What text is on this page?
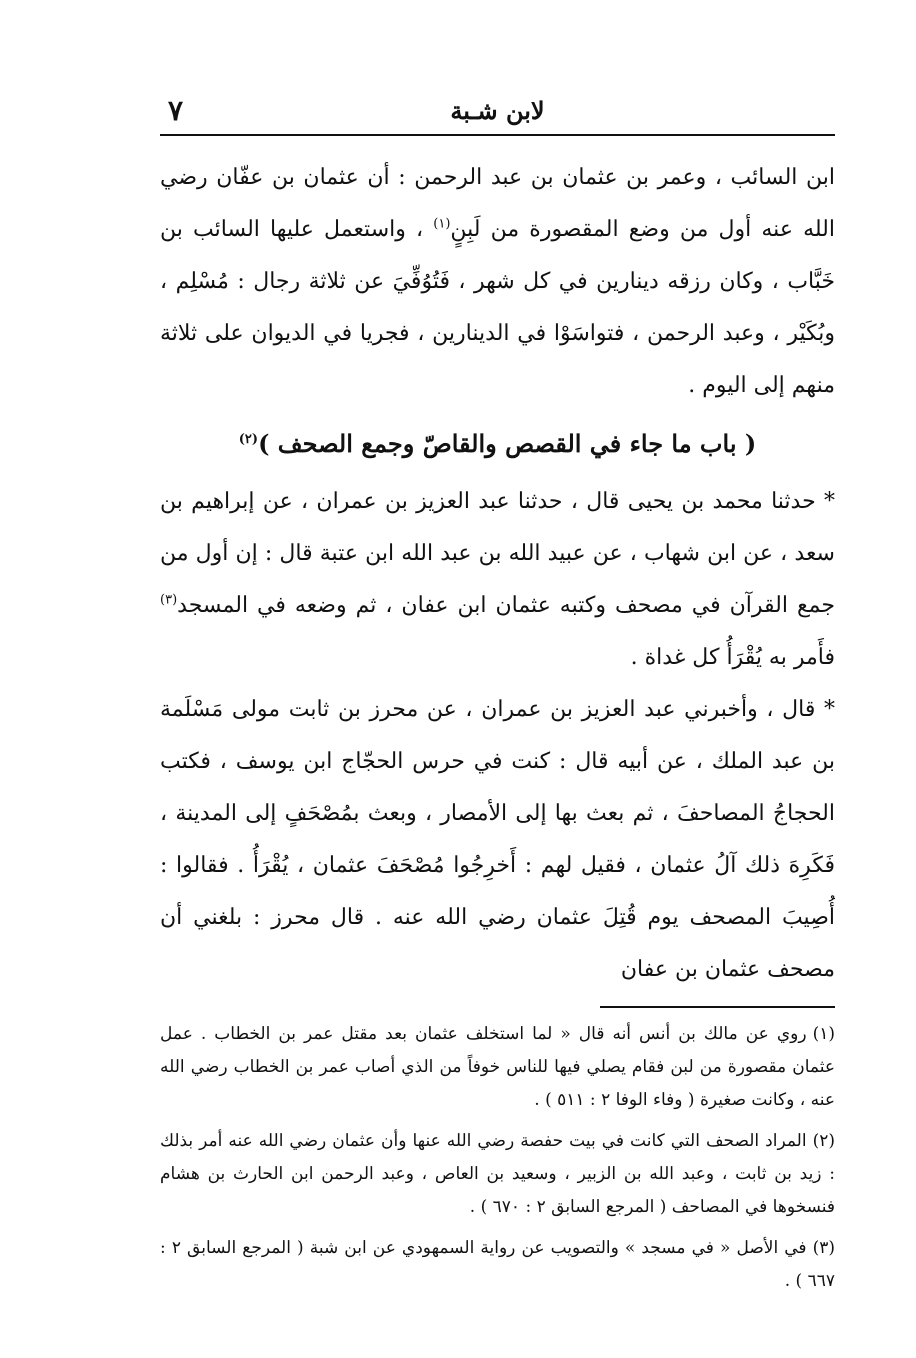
لابن شـبة
٧

ابن السائب ، وعمر بن عثمان بن عبد الرحمن : أن عثمان بن عفّان رضي الله عنه أول من وضع المقصورة من لَبِنٍ$^{(١)}$ ، واستعمل عليها السائب بن خَبَّاب ، وكان رزقه دينارين في كل شهر ، فَتُوُفِّيَ عن ثلاثة رجال : مُسْلِم ، وبُكَيْر ، وعبد الرحمن ، فتواسَوْا في الدينارين ، فجريا في الديوان على ثلاثة منهم إلى اليوم .

( باب ما جاء في القصص والقاصّ وجمع الصحف )$^{(٢)}$

* حدثنا محمد بن يحيى قال ، حدثنا عبد العزيز بن عمران ، عن إبراهيم بن سعد ، عن ابن شهاب ، عن عبيد الله بن عبد الله ابن عتبة قال : إن أول من جمع القرآن في مصحف وكتبه عثمان ابن عفان ، ثم وضعه في المسجد$^{(٣)}$ فأَمر به يُقْرَأُ كل غداة .

* قال ، وأخبرني عبد العزيز بن عمران ، عن محرز بن ثابت مولى مَسْلَمة بن عبد الملك ، عن أبيه قال : كنت في حرس الحجّاج ابن يوسف ، فكتب الحجاجُ المصاحفَ ، ثم بعث بها إلى الأمصار ، وبعث بمُصْحَفٍ إلى المدينة ، فَكَرِهَ ذلك آلُ عثمان ، فقيل لهم : أَخرِجُوا مُصْحَفَ عثمان ، يُقْرَأُ . فقالوا : أُصِيبَ المصحف يوم قُتِلَ عثمان رضي الله عنه . قال محرز : بلغني أن مصحف عثمان بن عفان

(١)روي عن مالك بن أنس أنه قال « لما استخلف عثمان بعد مقتل عمر بن الخطاب . عمل عثمان مقصورة من لبن فقام يصلي فيها للناس خوفاً من الذي أصاب عمر بن الخطاب رضي الله عنه ، وكانت صغيرة ( وفاء الوفا ٢ : ٥١١ ) .

(٢)المراد الصحف التي كانت في بيت حفصة رضي الله عنها وأن عثمان رضي الله عنه أمر بذلك : زيد بن ثابت ، وعبد الله بن الزبير ، وسعيد بن العاص ، وعبد الرحمن ابن الحارث بن هشام فنسخوها في المصاحف ( المرجع السابق ٢ : ٦٧٠ ) .

(٣)في الأصل « في مسجد » والتصويب عن رواية السمهودي عن ابن شبة ( المرجع السابق ٢ : ٦٦٧ ) .
